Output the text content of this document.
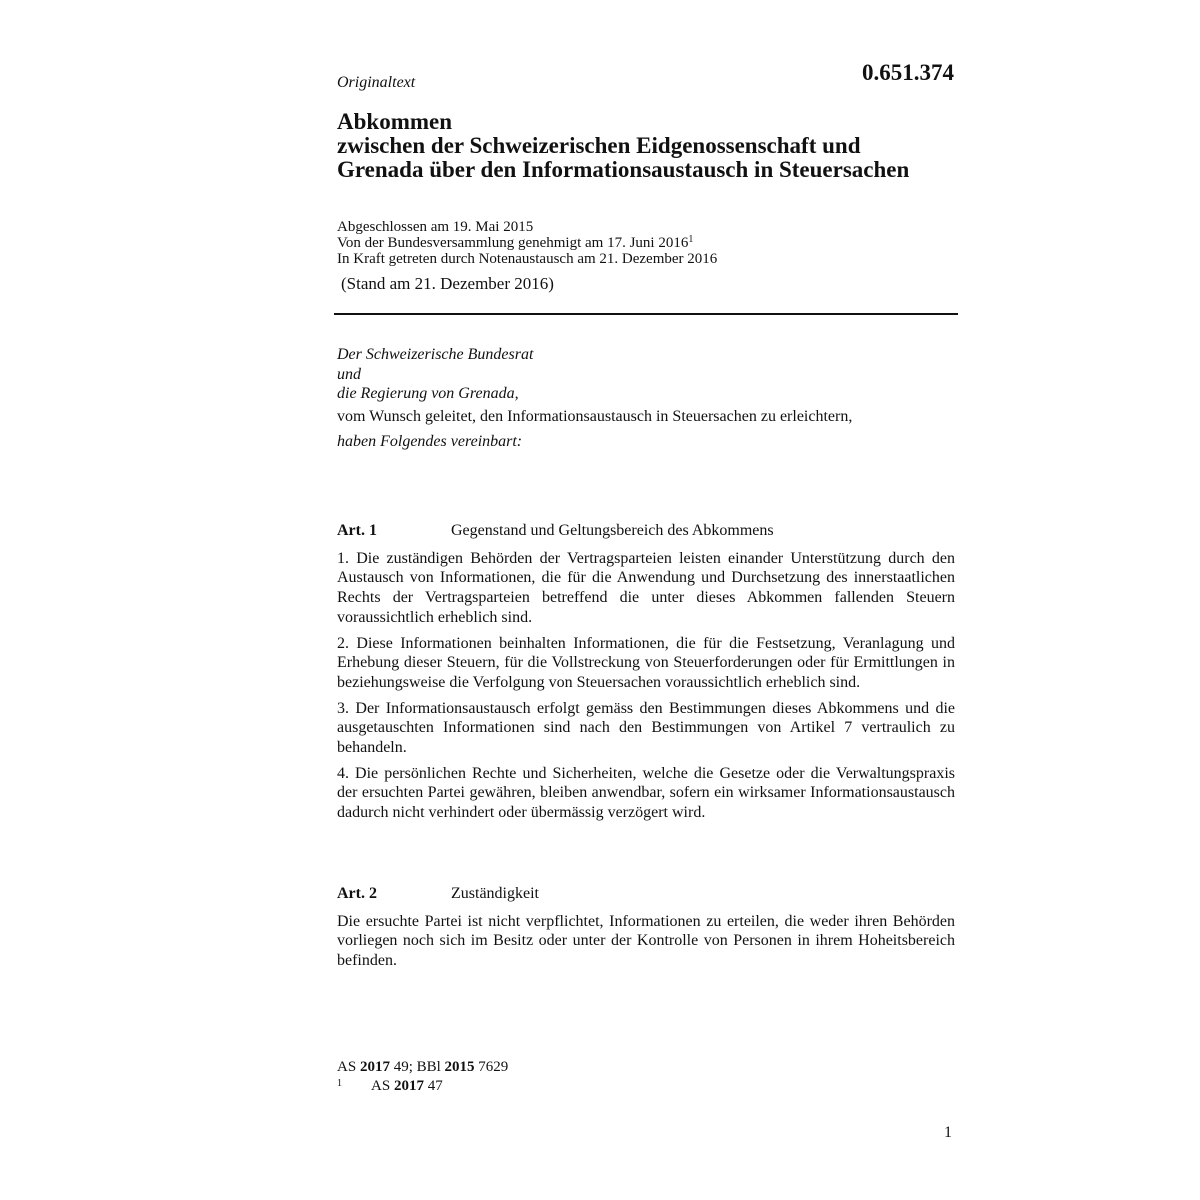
Originaltext	0.651.374
Abkommen
zwischen der Schweizerischen Eidgenossenschaft und
Grenada über den Informationsaustausch in Steuersachen
Abgeschlossen am 19. Mai 2015
Von der Bundesversammlung genehmigt am 17. Juni 2016$^1$
In Kraft getreten durch Notenaustausch am 21. Dezember 2016
(Stand am 21. Dezember 2016)
Der Schweizerische Bundesrat
und
die Regierung von Grenada,
vom Wunsch geleitet, den Informationsaustausch in Steuersachen zu erleichtern,
haben Folgendes vereinbart:
Art. 1	Gegenstand und Geltungsbereich des Abkommens

1. Die zuständigen Behörden der Vertragsparteien leisten einander Unterstützung durch den Austausch von Informationen, die für die Anwendung und Durchsetzung des innerstaatlichen Rechts der Vertragsparteien betreffend die unter dieses Abkommen fallenden Steuern voraussichtlich erheblich sind.

2. Diese Informationen beinhalten Informationen, die für die Festsetzung, Veranlagung und Erhebung dieser Steuern, für die Vollstreckung von Steuerforderungen oder für Ermittlungen in beziehungsweise die Verfolgung von Steuersachen voraussichtlich erheblich sind.

3. Der Informationsaustausch erfolgt gemäss den Bestimmungen dieses Abkommens und die ausgetauschten Informationen sind nach den Bestimmungen von Artikel 7 vertraulich zu behandeln.

4. Die persönlichen Rechte und Sicherheiten, welche die Gesetze oder die Verwaltungspraxis der ersuchten Partei gewähren, bleiben anwendbar, sofern ein wirksamer Informationsaustausch dadurch nicht verhindert oder übermässig verzögert wird.

Art. 2	Zuständigkeit

Die ersuchte Partei ist nicht verpflichtet, Informationen zu erteilen, die weder ihren Behörden vorliegen noch sich im Besitz oder unter der Kontrolle von Personen in ihrem Hoheitsbereich befinden.

AS 2017 49; BBl 2015 7629
1	AS 2017 47
1
